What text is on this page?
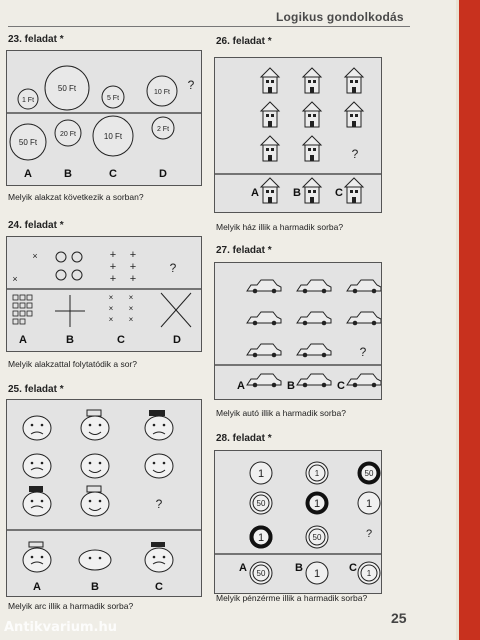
Logikus gondolkodás
23. feladat *
1 Ft
50 Ft
5 Ft
10 Ft
?
50 Ft
20 Ft	10 Ft
2 Ft
A	B	C	D
Melyik alakzat következik a sorban?
24. feladat *
×
×
+ +
+ +
+ +
?
× ×
× ×
× ×
A	B	C	D
Melyik alakzattal folytatódik a sor?
25. feladat *
?
A	B	C
Melyik arc illik a harmadik sorba?
26. feladat *
?
A	B	C
Melyik ház illik a harmadik sorba?
27. feladat *
?
A	B	C
Melyik autó illik a harmadik sorba?
28. feladat *
1	1	50
50	1	1
1	50	?
50	1	1
A	B	C
Melyik pénzérme illik a harmadik sorba?
25
Antikvarium.hu
